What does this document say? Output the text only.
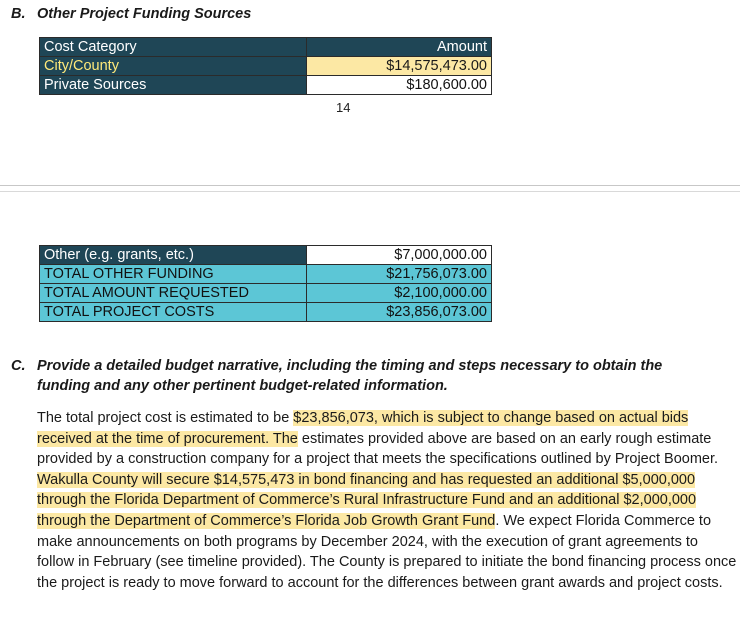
B. Other Project Funding Sources
Cost Category	Amount
City/County	$14,575,473.00
Private Sources	$180,600.00
14
Other (e.g. grants, etc.)	$7,000,000.00
TOTAL OTHER FUNDING	$21,756,073.00
TOTAL AMOUNT REQUESTED	$2,100,000.00
TOTAL PROJECT COSTS	$23,856,073.00
C. Provide a detailed budget narrative, including the timing and steps necessary to obtain the
funding and any other pertinent budget-related information.
The total project cost is estimated to be $23,856,073, which is subject to change based on actual bids received at the time of procurement. The estimates provided above are based on an early rough estimate provided by a construction company for a project that meets the specifications outlined by Project Boomer. Wakulla County will secure $14,575,473 in bond financing and has requested an additional $5,000,000 through the Florida Department of Commerce’s Rural Infrastructure Fund and an additional $2,000,000 through the Department of Commerce’s Florida Job Growth Grant Fund. We expect Florida Commerce to make announcements on both programs by December 2024, with the execution of grant agreements to follow in February (see timeline provided). The County is prepared to initiate the bond financing process once the project is ready to move forward to account for the differences between grant awards and project costs.
